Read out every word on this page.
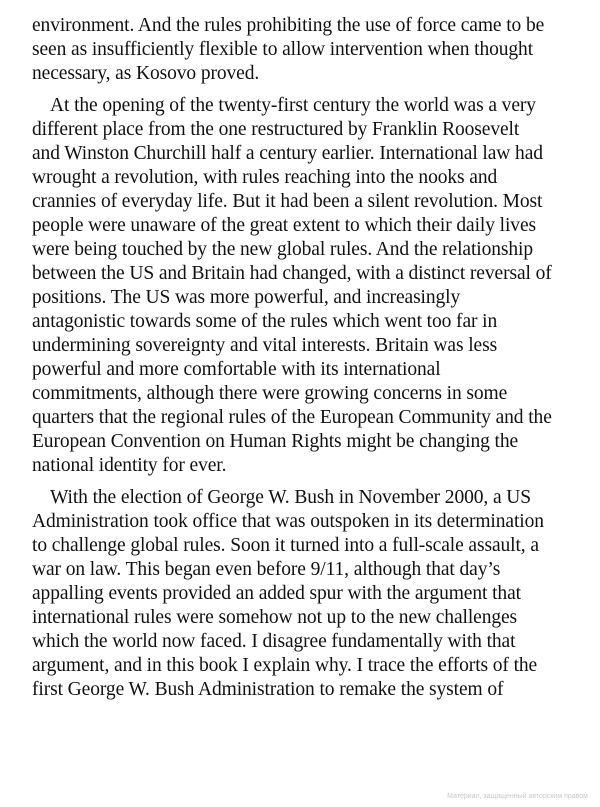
environment. And the rules prohibiting the use of force came to be
seen as insufficiently flexible to allow intervention when thought
necessary, as Kosovo proved.
At the opening of the twenty-first century the world was a very
different place from the one restructured by Franklin Roosevelt
and Winston Churchill half a century earlier. International law had
wrought a revolution, with rules reaching into the nooks and
crannies of everyday life. But it had been a silent revolution. Most
people were unaware of the great extent to which their daily lives
were being touched by the new global rules. And the relationship
between the US and Britain had changed, with a distinct reversal of
positions. The US was more powerful, and increasingly
antagonistic towards some of the rules which went too far in
undermining sovereignty and vital interests. Britain was less
powerful and more comfortable with its international
commitments, although there were growing concerns in some
quarters that the regional rules of the European Community and the
European Convention on Human Rights might be changing the
national identity for ever.
With the election of George W. Bush in November 2000, a US
Administration took office that was outspoken in its determination
to challenge global rules. Soon it turned into a full-scale assault, a
war on law. This began even before 9/11, although that day’s
appalling events provided an added spur with the argument that
international rules were somehow not up to the new challenges
which the world now faced. I disagree fundamentally with that
argument, and in this book I explain why. I trace the efforts of the
first George W. Bush Administration to remake the system of
Материал, защищенный авторским правом
